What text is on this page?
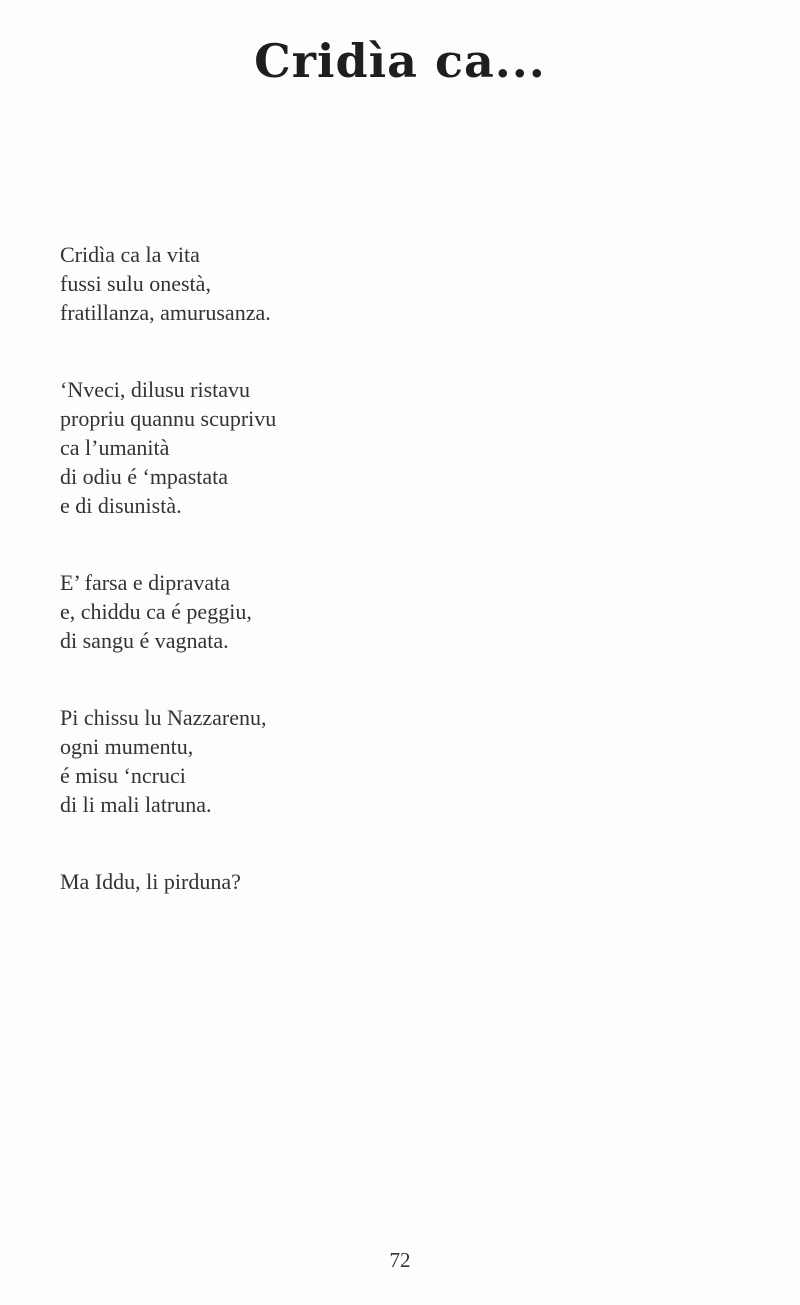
Cridìa ca...
Cridìa ca la vita
fussi sulu onestà,
fratillanza, amurusanza.
‘Nveci, dilusu ristavu
propriu quannu scuprivu
ca l’umanità
di odiu é ‘mpastata
e di disunistà.
E’ farsa e dipravata
e, chiddu ca é peggiu,
di sangu é vagnata.
Pi chissu lu Nazzarenu,
ogni mumentu,
é misu ‘ncruci
di li mali latruna.
Ma Iddu, li pirduna?
72
